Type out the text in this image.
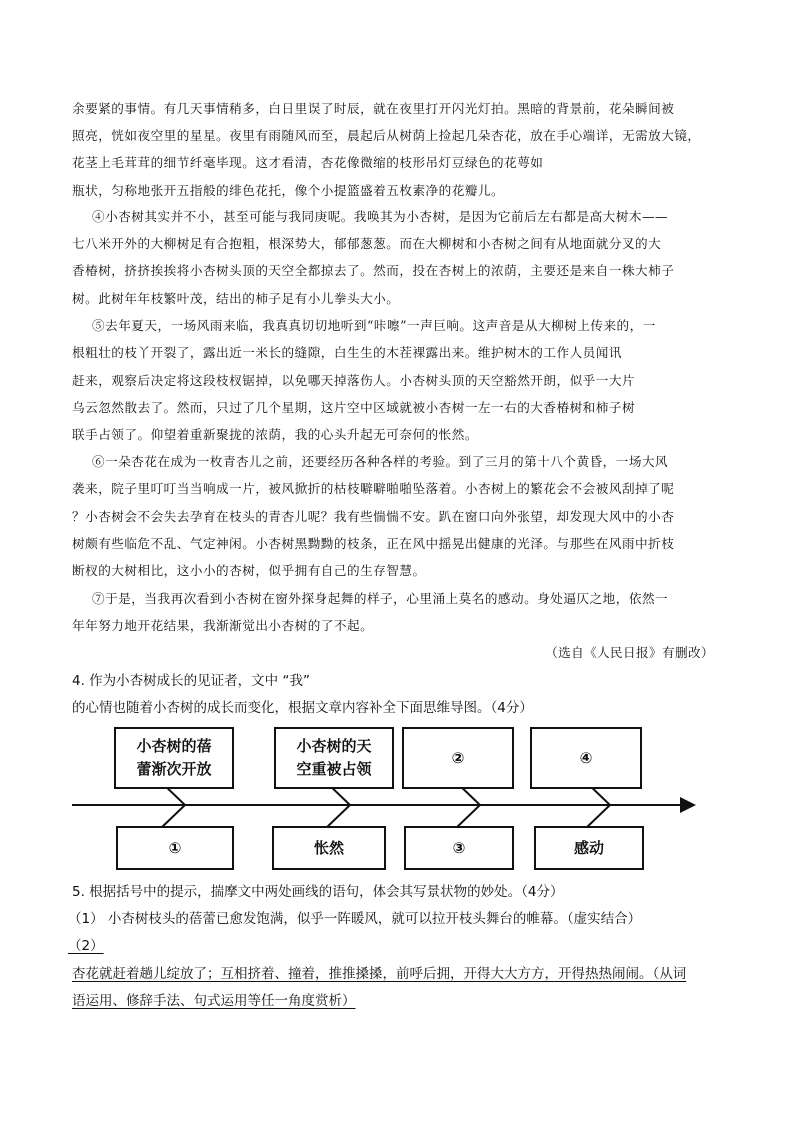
余要紧的事情。有几天事情稍多，白日里误了时辰，就在夜里打开闪光灯拍。黑暗的背景前，花朵瞬间被
照亮，恍如夜空里的星星。夜里有雨随风而至，晨起后从树荫上捡起几朵杏花，放在手心端详，无需放大镜，
花茎上毛茸茸的细节纤毫毕现。这才看清，杏花像微缩的枝形吊灯豆绿色的花萼如
瓶状，匀称地张开五指般的绯色花托，像个小提篮盛着五枚素净的花瓣儿。
④小杏树其实并不小，甚至可能与我同庚呢。我唤其为小杏树，是因为它前后左右都是高大树木——
七八米开外的大柳树足有合抱粗，根深势大，郁郁葱葱。而在大柳树和小杏树之间有从地面就分叉的大
香椿树，挤挤挨挨将小杏树头顶的天空全都掠去了。然而，投在杏树上的浓荫，主要还是来自一株大柿子
树。此树年年枝繁叶茂，结出的柿子足有小儿拳头大小。
⑤去年夏天，一场风雨来临，我真真切切地听到“咔嚓”一声巨响。这声音是从大柳树上传来的，一
根粗壮的枝丫开裂了，露出近一米长的缝隙，白生生的木茬裸露出来。维护树木的工作人员闻讯
赶来，观察后决定将这段枝杈锯掉，以免哪天掉落伤人。小杏树头顶的天空豁然开朗，似乎一大片
乌云忽然散去了。然而，只过了几个星期，这片空中区域就被小杏树一左一右的大香椿树和柿子树
联手占领了。仰望着重新聚拢的浓荫，我的心头升起无可奈何的怅然。
⑥一朵杏花在成为一枚青杏儿之前，还要经历各种各样的考验。到了三月的第十八个黄昏，一场大风
袭来，院子里叮叮当当响成一片，被风掀折的枯枝噼噼啪啪坠落着。小杏树上的繁花会不会被风刮掉了呢
？小杏树会不会失去孕育在枝头的青杏儿呢？我有些惴惴不安。趴在窗口向外张望，却发现大风中的小杏
树颇有些临危不乱、气定神闲。小杏树黑黝黝的枝条，正在风中摇晃出健康的光泽。与那些在风雨中折枝
断杈的大树相比，这小小的杏树，似乎拥有自己的生存智慧。
⑦于是，当我再次看到小杏树在窗外探身起舞的样子，心里涌上莫名的感动。身处逼仄之地，依然一
年年努力地开花结果，我渐渐觉出小杏树的了不起。
（选自《人民日报》有删改）
4. 作为小杏树成长的见证者，文中 “我”
的心情也随着小杏树的成长而变化，根据文章内容补全下面思维导图。（4分）
小杏树的蓓
蕾渐次开放
小杏树的天
空重被占领
②	④
①	怅然	③	感动
5. 根据括号中的提示，揣摩文中两处画线的语句，体会其写景状物的妙处。（4分）
（1） 小杏树枝头的蓓蕾已愈发饱满，似乎一阵暖风，就可以拉开枝头舞台的帷幕。（虚实结合）
（2）
杏花就赶着趟儿绽放了；互相挤着、撞着，推推搡搡，前呼后拥，开得大大方方，开得热热闹闹。（从词
语运用、修辞手法、句式运用等任一角度赏析）
